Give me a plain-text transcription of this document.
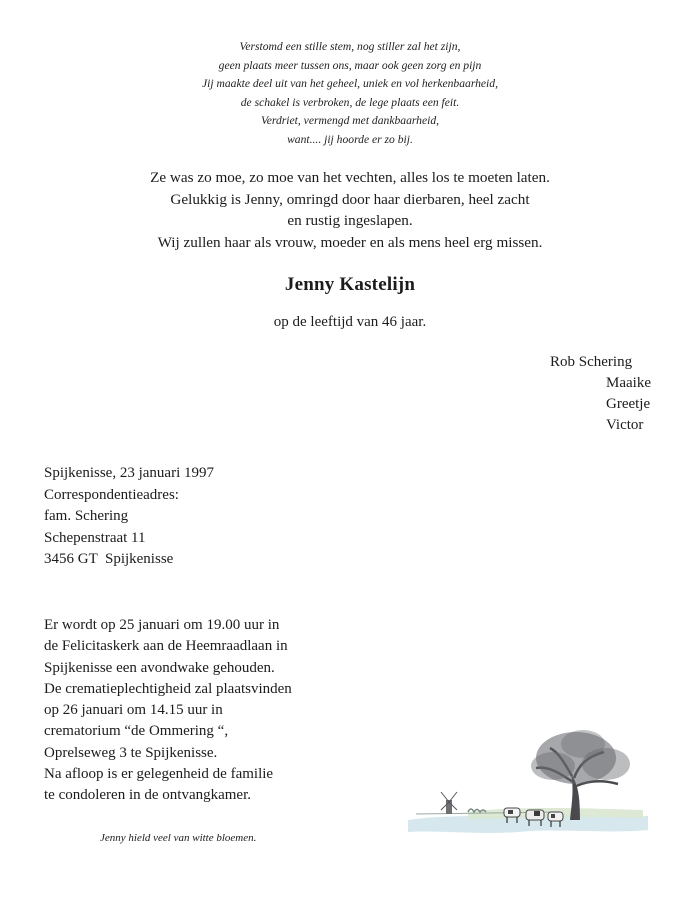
Verstomd een stille stem, nog stiller zal het zijn,
geen plaats meer tussen ons, maar ook geen zorg en pijn
Jij maakte deel uit van het geheel, uniek en vol herkenbaarheid,
de schakel is verbroken, de lege plaats een feit.
Verdriet, vermengd met dankbaarheid,
want.... jij hoorde er zo bij.
Ze was zo moe, zo moe van het vechten, alles los te moeten laten.
Gelukkig is Jenny, omringd door haar dierbaren, heel zacht
en rustig ingeslapen.
Wij zullen haar als vrouw, moeder en als mens heel erg missen.
Jenny Kastelijn
op de leeftijd van 46 jaar.
Rob Schering
Maaike
Greetje
Victor
Spijkenisse, 23 januari 1997
Correspondentieadres:
fam. Schering
Schepenstraat 11
3456 GT  Spijkenisse
Er wordt op 25 januari om 19.00 uur in
de Felicitaskerk aan de Heemraadlaan in
Spijkenisse een avondwake gehouden.
De crematieplechtigheid zal plaatsvinden
op 26 januari om 14.15 uur in
crematorium “de Ommering “,
Oprelseweg 3 te Spijkenisse.
Na afloop is er gelegenheid de familie
te condoleren in de ontvangkamer.
Jenny hield veel van witte bloemen.
